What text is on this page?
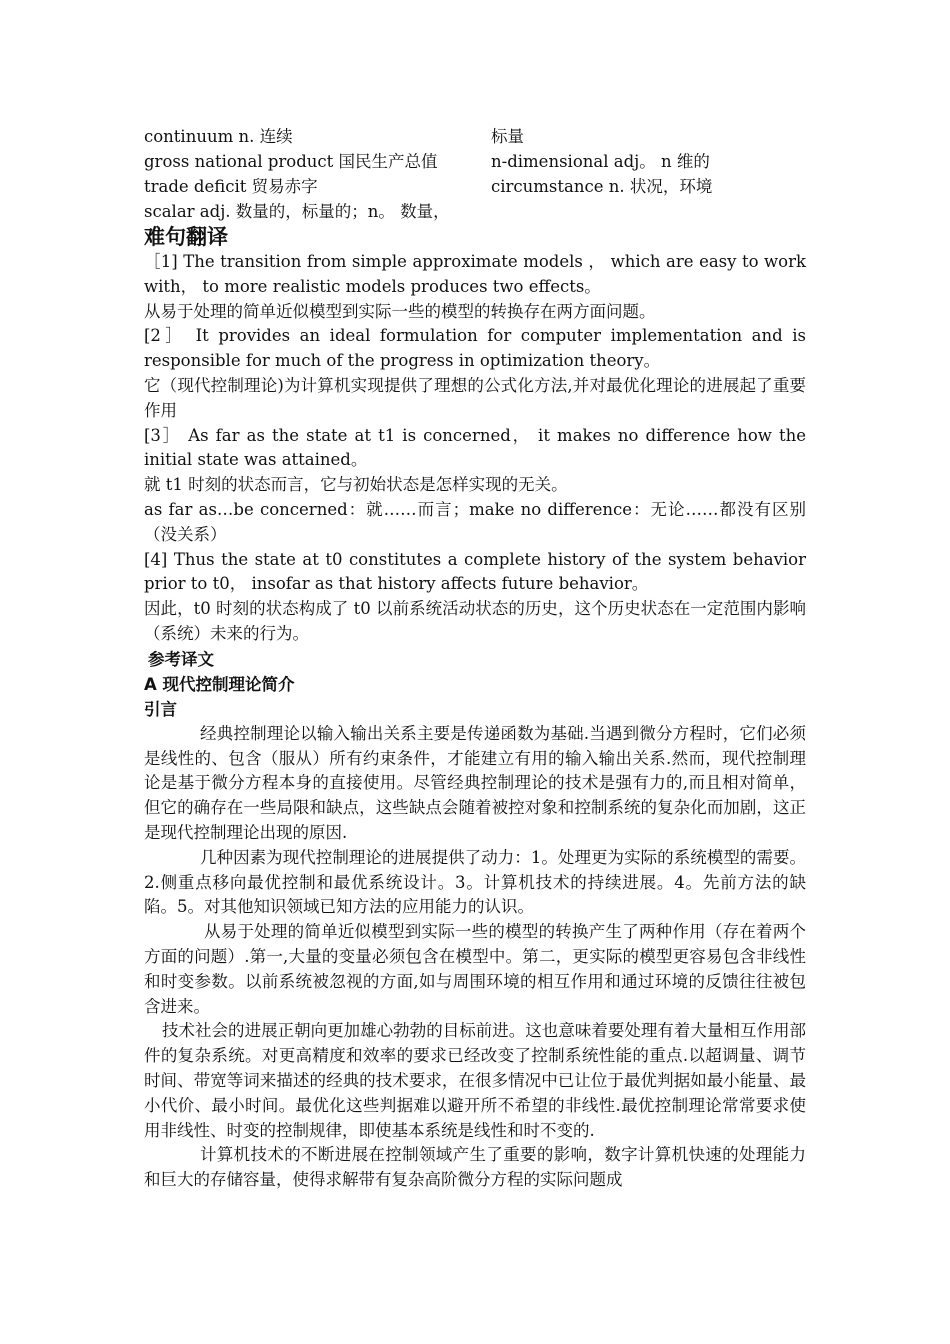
continuum n. 连续
gross national product 国民生产总值
trade deficit 贸易赤字
scalar adj. 数量的，标量的；n。 数量，
标量
n-dimensional adj。 n 维的
circumstance n. 状况，环境
难句翻译

［1] The transition from simple approximate models ， which are easy to work with， to more realistic models produces two effects。

从易于处理的简单近似模型到实际一些的模型的转换存在两方面问题。

[2］ It provides an ideal formulation for computer implementation and is responsible for much of the progress in optimization theory。

它（现代控制理论)为计算机实现提供了理想的公式化方法,并对最优化理论的进展起了重要作用

[3］ As far as the state at t1 is concerned， it makes no difference how the initial state was attained。

就 t1 时刻的状态而言，它与初始状态是怎样实现的无关。

as far as…be concerned：就……而言；make no difference：无论……都没有区别（没关系）

[4] Thus the state at t0 constitutes a complete history of the system behavior prior to t0， insofar as that history affects future behavior。

因此，t0 时刻的状态构成了 t0 以前系统活动状态的历史，这个历史状态在一定范围内影响（系统）未来的行为。

参考译文
A 现代控制理论简介
引言

经典控制理论以输入输出关系主要是传递函数为基础.当遇到微分方程时，它们必须是线性的、包含（服从）所有约束条件，才能建立有用的输入输出关系.然而，现代控制理论是基于微分方程本身的直接使用。尽管经典控制理论的技术是强有力的,而且相对简单，但它的确存在一些局限和缺点，这些缺点会随着被控对象和控制系统的复杂化而加剧，这正是现代控制理论出现的原因.

几种因素为现代控制理论的进展提供了动力：1。处理更为实际的系统模型的需要。2.侧重点移向最优控制和最优系统设计。3。计算机技术的持续进展。4。先前方法的缺陷。5。对其他知识领域已知方法的应用能力的认识。

从易于处理的简单近似模型到实际一些的模型的转换产生了两种作用（存在着两个方面的问题）.第一,大量的变量必须包含在模型中。第二，更实际的模型更容易包含非线性和时变参数。以前系统被忽视的方面,如与周围环境的相互作用和通过环境的反馈往往被包含进来。

技术社会的进展正朝向更加雄心勃勃的目标前进。这也意味着要处理有着大量相互作用部件的复杂系统。对更高精度和效率的要求已经改变了控制系统性能的重点.以超调量、调节时间、带宽等词来描述的经典的技术要求，在很多情况中已让位于最优判据如最小能量、最小代价、最小时间。最优化这些判据难以避开所不希望的非线性.最优控制理论常常要求使用非线性、时变的控制规律，即使基本系统是线性和时不变的.

计算机技术的不断进展在控制领域产生了重要的影响，数字计算机快速的处理能力和巨大的存储容量，使得求解带有复杂高阶微分方程的实际问题成
